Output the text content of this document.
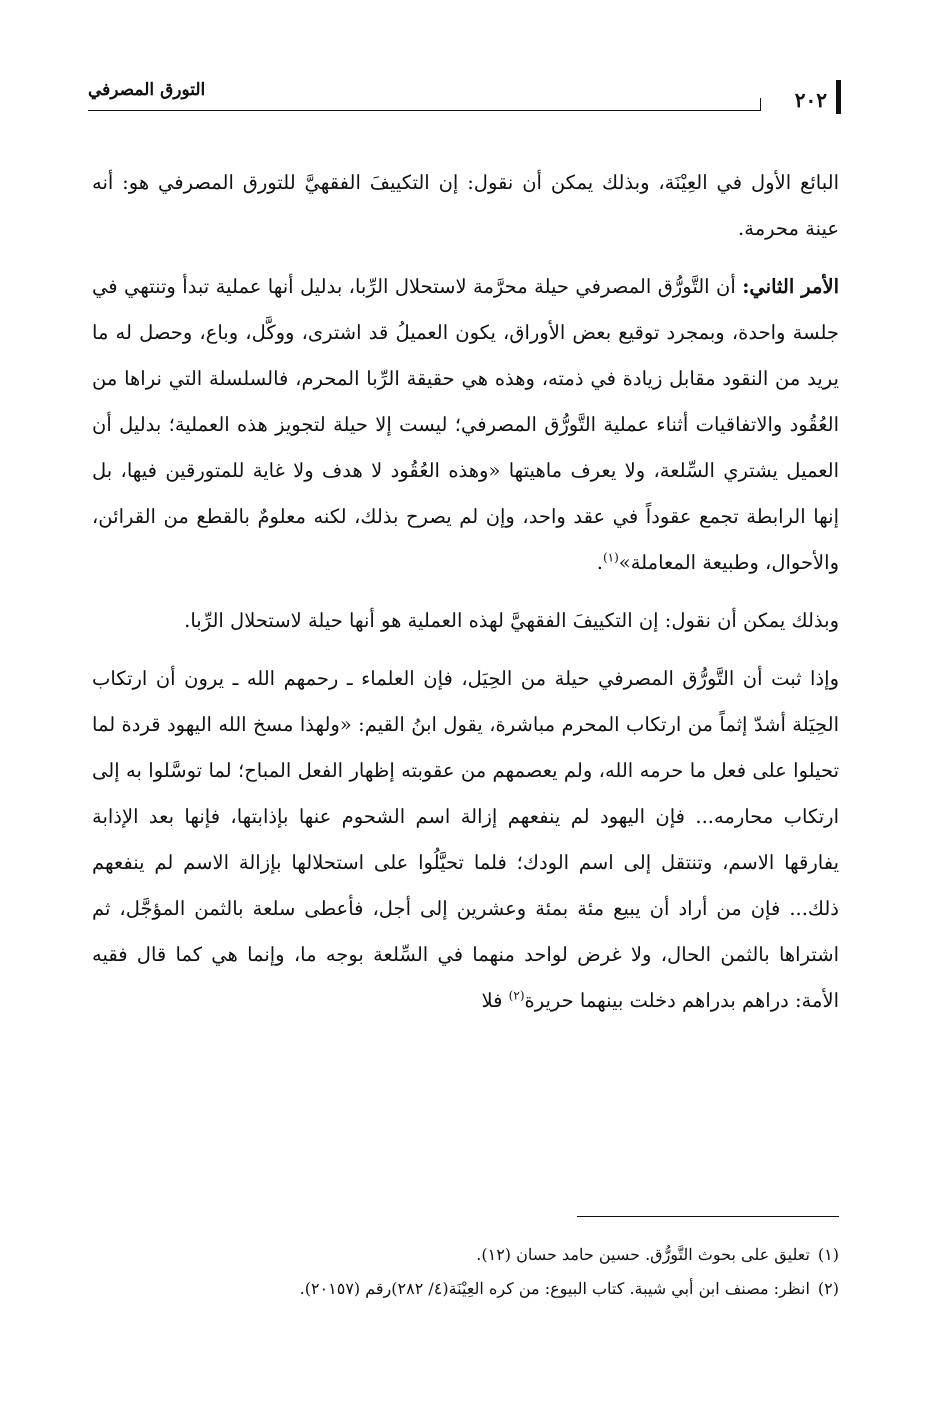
التورق المصرفي	٢٠٢

البائع الأول في العِيْنَة، وبذلك يمكن أن نقول: إن التكييفَ الفقهيَّ للتورق المصرفي هو: أنه عينة محرمة.

الأمر الثاني: أن التَّورُّق المصرفي حيلة محرَّمة لاستحلال الرِّبا، بدليل أنها عملية تبدأ وتنتهي في جلسة واحدة، وبمجرد توقيع بعض الأوراق، يكون العميلُ قد اشترى، ووكَّل، وباع، وحصل له ما يريد من النقود مقابل زيادة في ذمته، وهذه هي حقيقة الرِّبا المحرم، فالسلسلة التي نراها من العُقُود والاتفاقيات أثناء عملية التَّورُّق المصرفي؛ ليست إلا حيلة لتجويز هذه العملية؛ بدليل أن العميل يشتري السِّلعة، ولا يعرف ماهيتها «وهذه العُقُود لا هدف ولا غاية للمتورقين فيها، بل إنها الرابطة تجمع عقوداً في عقد واحد، وإن لم يصرح بذلك، لكنه معلومٌ بالقطع من القرائن، والأحوال، وطبيعة المعاملة»$^{(١)}$.

وبذلك يمكن أن نقول: إن التكييفَ الفقهيَّ لهذه العملية هو أنها حيلة لاستحلال الرِّبا.

وإذا ثبت أن التَّورُّق المصرفي حيلة من الحِيَل، فإن العلماء ـ رحمهم الله ـ يرون أن ارتكاب الحِيَلة أشدّ إثماً من ارتكاب المحرم مباشرة، يقول ابنُ القيم: «ولهذا مسخ الله اليهود قردة لما تحيلوا على فعل ما حرمه الله، ولم يعصمهم من عقوبته إظهار الفعل المباح؛ لما توسَّلوا به إلى ارتكاب محارمه... فإن اليهود لم ينفعهم إزالة اسم الشحوم عنها بإذابتها، فإنها بعد الإذابة يفارقها الاسم، وتنتقل إلى اسم الودك؛ فلما تحيَّلُوا على استحلالها بإزالة الاسم لم ينفعهم ذلك... فإن من أراد أن يبيع مئة بمئة وعشرين إلى أجل، فأعطى سلعة بالثمن المؤجَّل، ثم اشتراها بالثمن الحال، ولا غرض لواحد منهما في السِّلعة بوجه ما، وإنما هي كما قال فقيه الأمة: دراهم بدراهم دخلت بينهما حريرة$^{(٢)}$ فلا

(١)تعليق على بحوث التَّورُّق. حسين حامد حسان (١٢).

(٢)انظر: مصنف ابن أبي شيبة. كتاب البيوع: من كره العِيْنَة(٤/ ٢٨٢)رقم (٢٠١٥٧).
